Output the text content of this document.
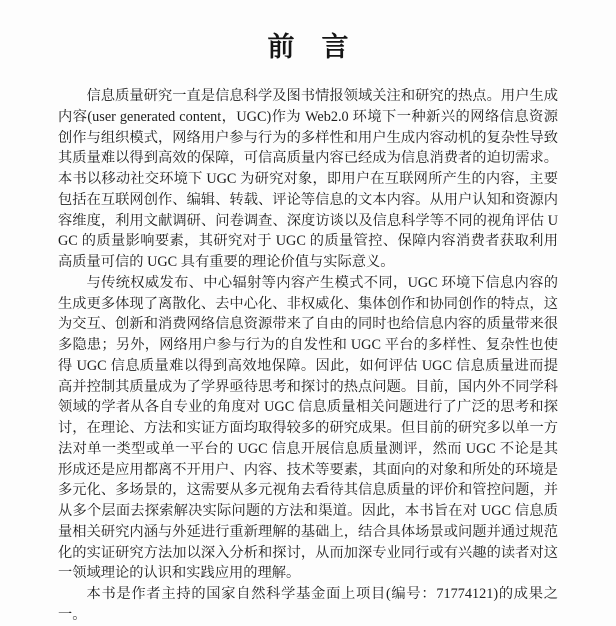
前　言

信息质量研究一直是信息科学及图书情报领域关注和研究的热点。用户生成内容(user generated content，UGC)作为 Web2.0 环境下一种新兴的网络信息资源创作与组织模式，网络用户参与行为的多样性和用户生成内容动机的复杂性导致其质量难以得到高效的保障，可信高质量内容已经成为信息消费者的迫切需求。本书以移动社交环境下 UGC 为研究对象，即用户在互联网所产生的内容，主要包括在互联网创作、编辑、转载、评论等信息的文本内容。从用户认知和资源内容维度，利用文献调研、问卷调查、深度访谈以及信息科学等不同的视角评估 UGC 的质量影响要素，其研究对于 UGC 的质量管控、保障内容消费者获取利用高质量可信的 UGC 具有重要的理论价值与实际意义。

与传统权威发布、中心辐射等内容产生模式不同，UGC 环境下信息内容的生成更多体现了离散化、去中心化、非权威化、集体创作和协同创作的特点，这为交互、创新和消费网络信息资源带来了自由的同时也给信息内容的质量带来很多隐患；另外，网络用户参与行为的自发性和 UGC 平台的多样性、复杂性也使得 UGC 信息质量难以得到高效地保障。因此，如何评估 UGC 信息质量进而提高并控制其质量成为了学界亟待思考和探讨的热点问题。目前，国内外不同学科领域的学者从各自专业的角度对 UGC 信息质量相关问题进行了广泛的思考和探讨，在理论、方法和实证方面均取得较多的研究成果。但目前的研究多以单一方法对单一类型或单一平台的 UGC 信息开展信息质量测评，然而 UGC 不论是其形成还是应用都离不开用户、内容、技术等要素，其面向的对象和所处的环境是多元化、多场景的，这需要从多元视角去看待其信息质量的评价和管控问题，并从多个层面去探索解决实际问题的方法和渠道。因此，本书旨在对 UGC 信息质量相关研究内涵与外延进行重新理解的基础上，结合具体场景或问题并通过规范化的实证研究方法加以深入分析和探讨，从而加深专业同行或有兴趣的读者对这一领域理论的认识和实践应用的理解。

本书是作者主持的国家自然科学基金面上项目(编号：71774121)的成果之一。
